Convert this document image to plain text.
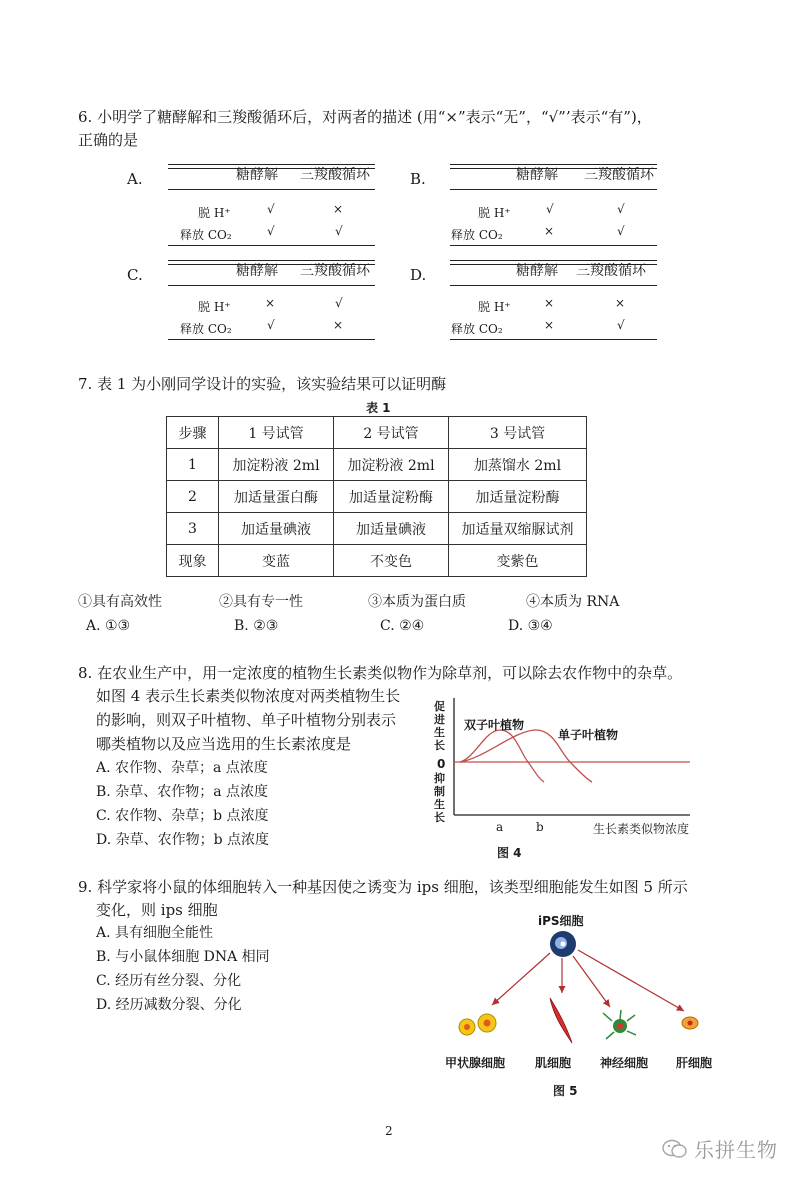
6. 小明学了糖酵解和三羧酸循环后，对两者的描述 (用“×”表示“无”，“√”’表示“有”)，
正确的是
A.	糖酵解 三羧酸循环
脱 H⁺	√	×
释放 CO₂	√	√
B.	糖酵解 三羧酸循环
脱 H⁺	√	√
释放 CO₂	×	√
C.	糖酵解 三羧酸循环
脱 H⁺	×	√
释放 CO₂	√	×
D.	糖酵解 三羧酸循环
脱 H⁺	×	×
释放 CO₂	×	√
7. 表 1 为小刚同学设计的实验，该实验结果可以证明酶
表 1
步骤	1 号试管	2 号试管	3 号试管
1	加淀粉液 2ml	加淀粉液 2ml	加蒸馏水 2ml
2	加适量蛋白酶	加适量淀粉酶	加适量淀粉酶
3	加适量碘液	加适量碘液	加适量双缩脲试剂
现象	变蓝	不变色	变紫色
①具有高效性	②具有专一性	③本质为蛋白质	④本质为 RNA
A. ①③	B. ②③	C. ②④	D. ③④
8. 在农业生产中，用一定浓度的植物生长素类似物作为除草剂，可以除去农作物中的杂草。
如图 4 表示生长素类似物浓度对两类植物生长
的影响，则双子叶植物、单子叶植物分别表示
哪类植物以及应当选用的生长素浓度是
A. 农作物、杂草；a 点浓度
B. 杂草、农作物；a 点浓度
C. 农作物、杂草；b 点浓度
D. 杂草、农作物；b 点浓度
促进生长
0
抑制生长
双子叶植物
单子叶植物
a	b	生长素类似物浓度
图 4
9. 科学家将小鼠的体细胞转入一种基因使之诱变为 ips 细胞，该类型细胞能发生如图 5 所示
变化，则 ips 细胞
A. 具有细胞全能性
B. 与小鼠体细胞 DNA 相同
C. 经历有丝分裂、分化
D. 经历减数分裂、分化
iPS细胞
甲状腺细胞 肌细胞 神经细胞 肝细胞
图 5
2
乐拼生物
